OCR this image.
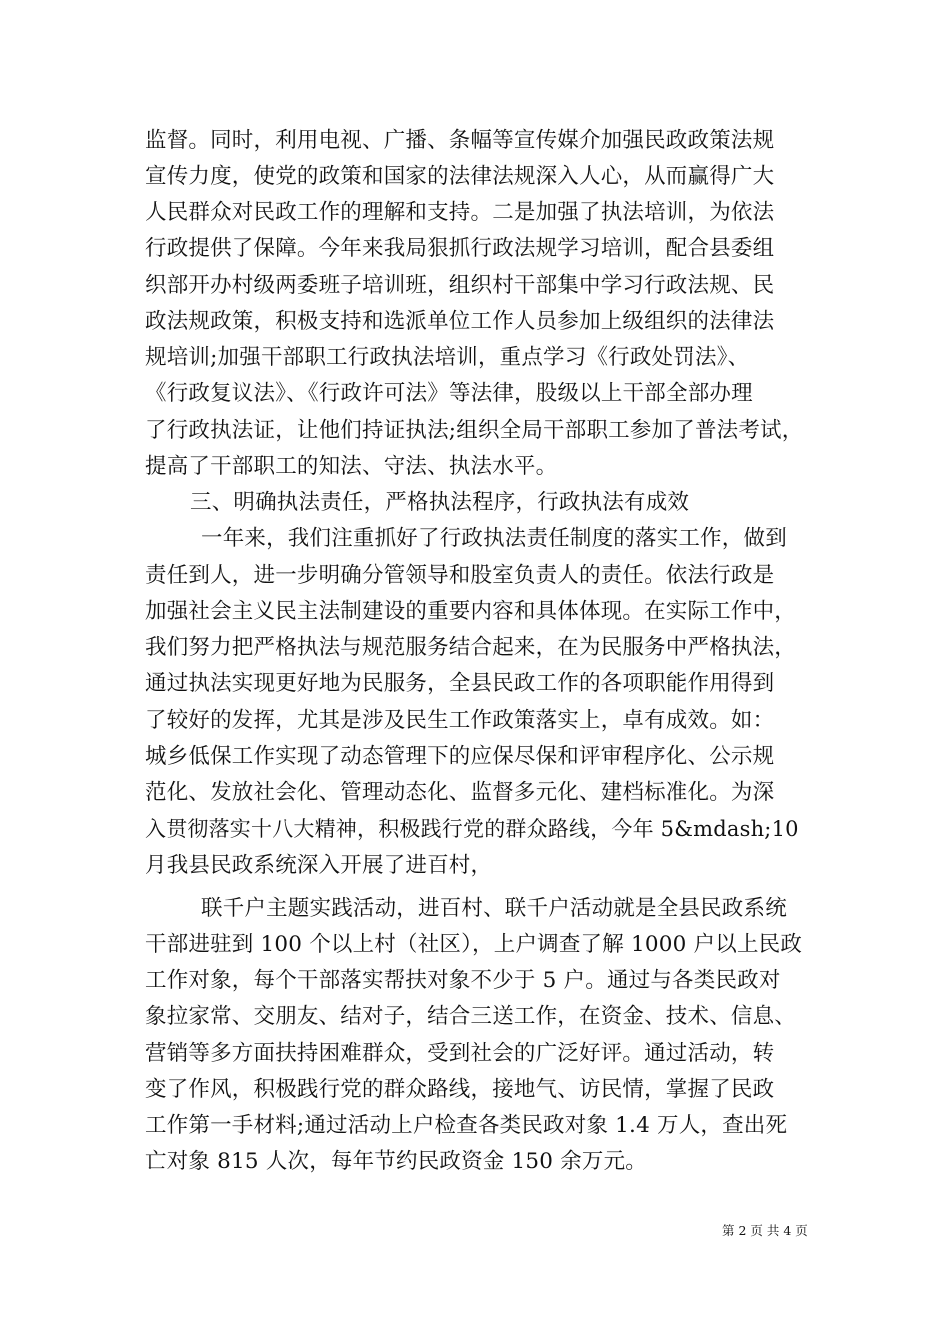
监督。同时，利用电视、广播、条幅等宣传媒介加强民政政策法规
宣传力度，使党的政策和国家的法律法规深入人心，从而赢得广大
人民群众对民政工作的理解和支持。二是加强了执法培训，为依法
行政提供了保障。今年来我局狠抓行政法规学习培训，配合县委组
织部开办村级两委班子培训班，组织村干部集中学习行政法规、民
政法规政策，积极支持和选派单位工作人员参加上级组织的法律法
规培训;加强干部职工行政执法培训，重点学习《行政处罚法》、
《行政复议法》、《行政许可法》等法律，股级以上干部全部办理
了行政执法证，让他们持证执法;组织全局干部职工参加了普法考试，
提高了干部职工的知法、守法、执法水平。
三、明确执法责任，严格执法程序，行政执法有成效
一年来，我们注重抓好了行政执法责任制度的落实工作，做到
责任到人，进一步明确分管领导和股室负责人的责任。依法行政是
加强社会主义民主法制建设的重要内容和具体体现。在实际工作中，
我们努力把严格执法与规范服务结合起来，在为民服务中严格执法，
通过执法实现更好地为民服务，全县民政工作的各项职能作用得到
了较好的发挥，尤其是涉及民生工作政策落实上，卓有成效。如：
城乡低保工作实现了动态管理下的应保尽保和评审程序化、公示规
范化、发放社会化、管理动态化、监督多元化、建档标准化。为深
入贯彻落实十八大精神，积极践行党的群众路线，今年 5&mdash;10
月我县民政系统深入开展了进百村，
联千户主题实践活动，进百村、联千户活动就是全县民政系统
干部进驻到 100 个以上村（社区），上户调查了解 1000 户以上民政
工作对象，每个干部落实帮扶对象不少于 5 户。通过与各类民政对
象拉家常、交朋友、结对子，结合三送工作，在资金、技术、信息、
营销等多方面扶持困难群众，受到社会的广泛好评。通过活动，转
变了作风，积极践行党的群众路线，接地气、访民情，掌握了民政
工作第一手材料;通过活动上户检查各类民政对象 1.4 万人，查出死
亡对象 815 人次，每年节约民政资金 150 余万元。
第 2 页 共 4 页
